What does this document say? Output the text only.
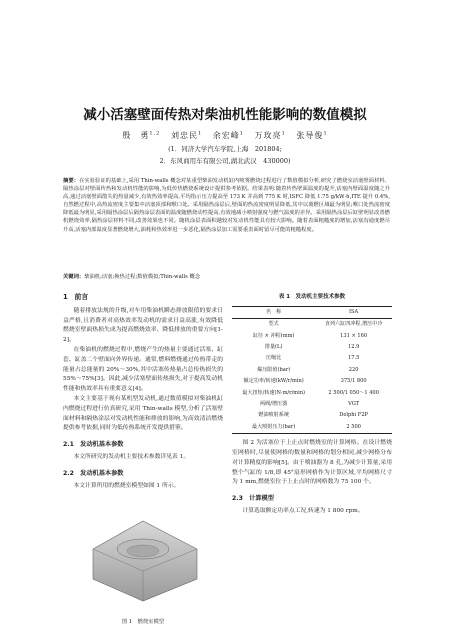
减小活塞壁面传热对柴油机性能影响的数值模拟
殷　勇$^{1,2}$ 刘忠民$^1$ 余宏峰$^1$ 万玫亮$^1$ 张导俊$^1$
(1．同济大学汽车学院,上海　201804;
2．东风商用车有限公司,湖北武汉　430000)
摘要：在实验验证的基础上,采用 Thin-walls 概念对某重型柴油发动机缸内喷雾燃烧过程进行了数值模拟分析,研究了燃烧室活塞壁面材料、隔热涂层对壁面传热和发动机性能的影响,为低传热燃烧系统设计提供参考依据。结果表明:随着传热壁面温度的提升,活塞内壁面温度随之升高,通过活塞壁面散失的热量减少,有效热效率提高,平均指示压力提高至 173 K 并高到 775 K 时,ISFC 降低 1.75 g/kW·h,ITE 提升 0.4%,自然燃过程中,高热流密度主要集中活塞顶部和喉口处。采用隔热涂层后,壁面的热流密度明显降低,其中以离燃区域最为明显;喉口处热流密度降低最为明显,采用隔热涂层后隔热涂层表面的温度随燃烧动性提高,有效地减小喷射强度与燃气温度的差异。采用隔热涂层后缸壁明显改善燃机燃烧效率,隔热涂层材料不同,改善效果也不同。随机涂层表面积越较对发动机性能具有较大影响。随着表面粗糙度的增加,活塞沟通度燃尽升高,活塞内部温度显著燃烧增大,油耗和热效率进一步恶化,隔热涂层加工需要重表面时留尽可能的粗糙程度。
关键词：柴油机;活塞;换热过程;数值模拟;Thin-walls 概念
1　前言

随着排放法规的升级,对车用柴油机瞬态排放限值的要求日益严格,且消费者对高热效率发动机的需求日益高涨,有效降低燃烧室壁面热损失成为提高燃烧效率、降低排放的重要方向[1-2]。

在柴油机的燃烧过程中,燃烧产生的热量主要通过活塞、缸套、缸盖二个壁面向外界传递。通常,燃料燃烧通过传热带走的能量占总能量的 20%～30%,其中活塞传热量占总传热损失的 55%～75%[3]。因此,减少活塞壁面传热损失,对于提高发动机性能和热效率具有重要意义[4]。

本文主要基于现有某机型发动机,通过数值模拟对柴油机缸内燃烧过程进行仿真研究,采用 Thin-walls 模型,分析了活塞壁面材料和隔热涂层对发动机性能和排放的影响,为高效清洁燃烧提供参考依据,同时为低传热系统开发提供借鉴。

2.1　发动机基本参数

本文所研究的发动机主要技术参数详见表 1。

2.2　发动机基本参数

本文计算所用的燃烧室模型如图 1 所示。

表 1　发动机主要技术参数
名　称	ISA
型式	直列六缸四冲程,增压中冷
缸径 × 冲程(mm)	131 × 160
排量(L)	12.9
压缩比	17.5
爆压限值(bar)	220
额定功率/转速(kW/r/min)	375/1 800
最大扭矩/转速(N·m/r/min)	2 500/1 050～1 400
两阀/增压器	VGT
燃油喷射系统	Delphi F2P
最大喷射压力(bar)	2 500
图 2 为活塞位于上止点时燃烧室的计算网格。在设计燃烧室网格时,尽量使网格的数量和网格的划分相同,减少网格分布对计算精度的影响[5]。由于喷油器为 8 孔,为减少计算量,采用整个气缸的 1/8,即 45°扇形网格作为计算区域,平均网格尺寸为 1 mm,燃烧室位于上止点时的网格数为 75 100 个。
2.3　计算模型

计算选取额定功率点工况,转速为 1 800 rpm。

图 1　燃烧室模型
